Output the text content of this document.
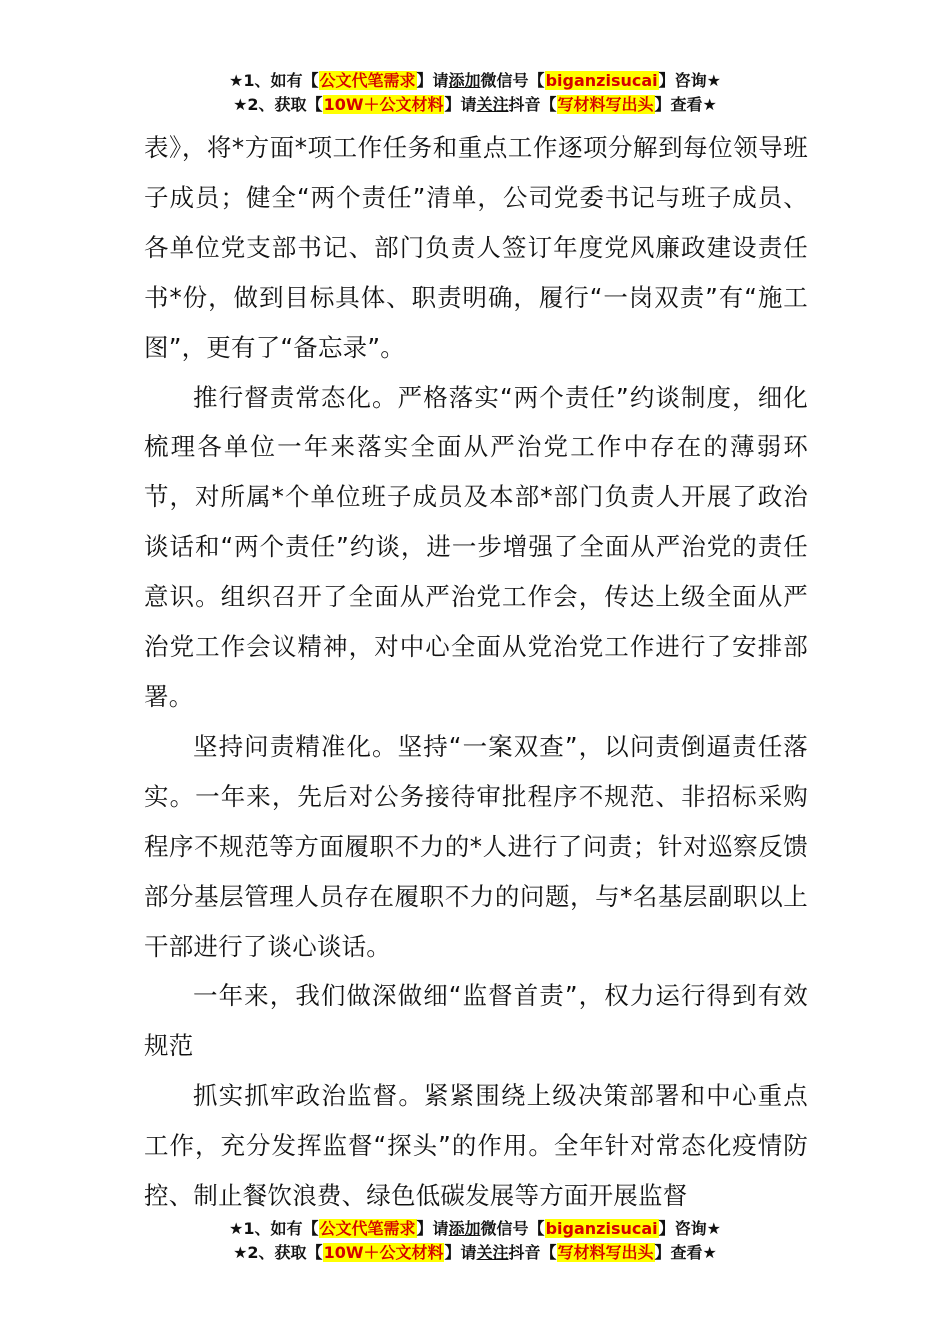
★1、如有【公文代笔需求】请添加微信号【biganzisucai】咨询★
★2、获取【10W＋公文材料】请关注抖音【写材料写出头】查看★

表》，将*方面*项工作任务和重点工作逐项分解到每位领导班子成员；健全“两个责任”清单，公司党委书记与班子成员、各单位党支部书记、部门负责人签订年度党风廉政建设责任书*份，做到目标具体、职责明确，履行“一岗双责”有“施工图”，更有了“备忘录”。

推行督责常态化。严格落实“两个责任”约谈制度，细化梳理各单位一年来落实全面从严治党工作中存在的薄弱环节，对所属*个单位班子成员及本部*部门负责人开展了政治谈话和“两个责任”约谈，进一步增强了全面从严治党的责任意识。组织召开了全面从严治党工作会，传达上级全面从严治党工作会议精神，对中心全面从党治党工作进行了安排部署。

坚持问责精准化。坚持“一案双查”，以问责倒逼责任落实。一年来，先后对公务接待审批程序不规范、非招标采购程序不规范等方面履职不力的*人进行了问责；针对巡察反馈部分基层管理人员存在履职不力的问题，与*名基层副职以上干部进行了谈心谈话。

一年来，我们做深做细“监督首责”，权力运行得到有效规范

抓实抓牢政治监督。紧紧围绕上级决策部署和中心重点工作，充分发挥监督“探头”的作用。全年针对常态化疫情防控、制止餐饮浪费、绿色低碳发展等方面开展监督

★1、如有【公文代笔需求】请添加微信号【biganzisucai】咨询★
★2、获取【10W＋公文材料】请关注抖音【写材料写出头】查看★
